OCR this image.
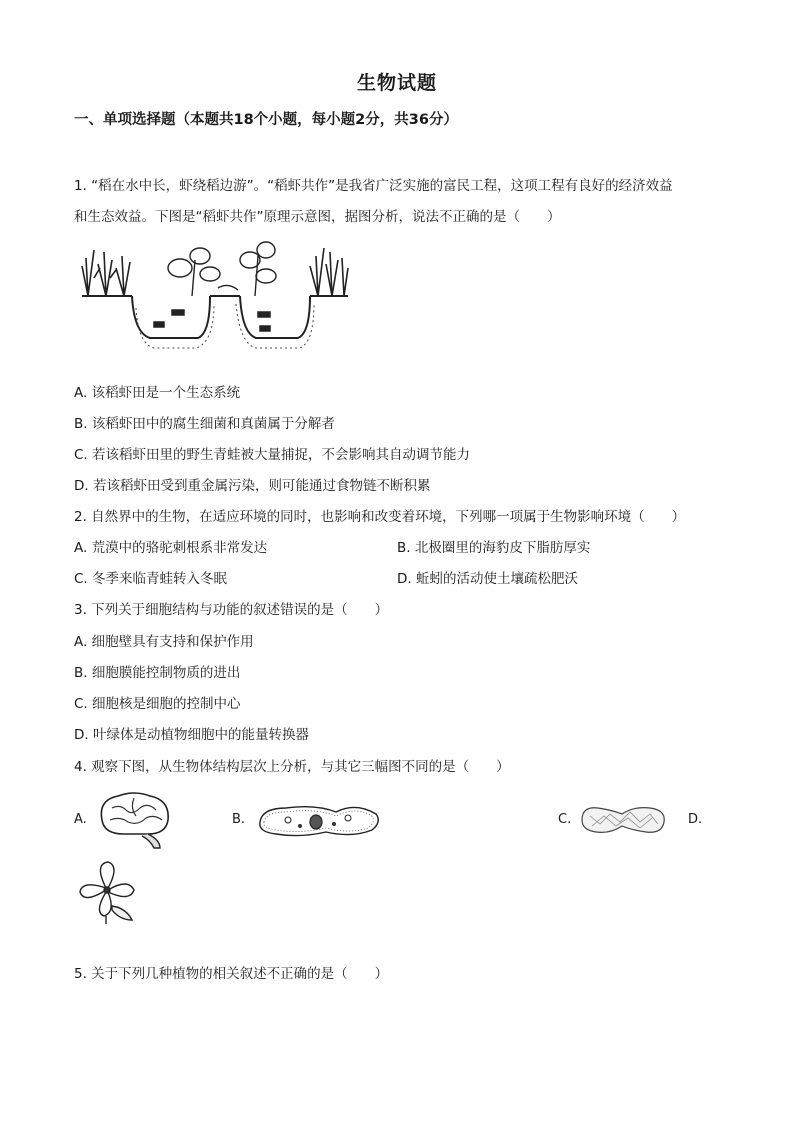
生物试题
一、单项选择题（本题共18个小题，每小题2分，共36分）
1. “稻在水中长，虾绕稻边游”。“稻虾共作”是我省广泛实施的富民工程，这项工程有良好的经济效益
和生态效益。下图是“稻虾共作”原理示意图，据图分析，说法不正确的是（　　）
A. 该稻虾田是一个生态系统
B. 该稻虾田中的腐生细菌和真菌属于分解者
C. 若该稻虾田里的野生青蛙被大量捕捉，不会影响其自动调节能力
D. 若该稻虾田受到重金属污染，则可能通过食物链不断积累
2. 自然界中的生物，在适应环境的同时，也影响和改变着环境，下列哪一项属于生物影响环境（　　）
A. 荒漠中的骆驼刺根系非常发达	B. 北极圈里的海豹皮下脂肪厚实
C. 冬季来临青蛙转入冬眠	D. 蚯蚓的活动使土壤疏松肥沃
3. 下列关于细胞结构与功能的叙述错误的是（　　）
A. 细胞壁具有支持和保护作用
B. 细胞膜能控制物质的进出
C. 细胞核是细胞的控制中心
D. 叶绿体是动植物细胞中的能量转换器
4. 观察下图，从生物体结构层次上分析，与其它三幅图不同的是（　　）
A.	B.	C.	D.
5. 关于下列几种植物的相关叙述不正确的是（　　）
